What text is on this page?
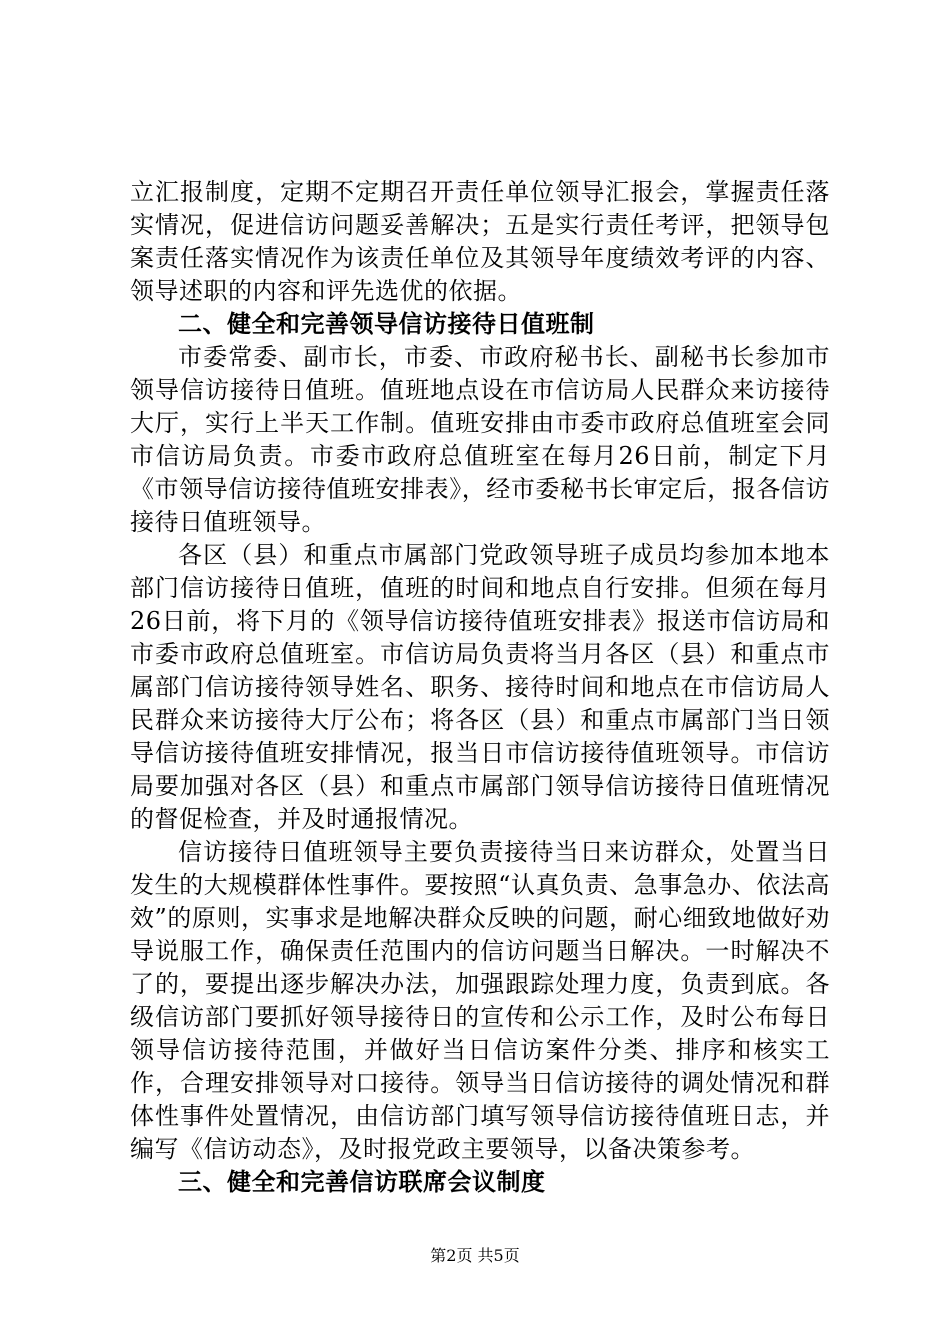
立汇报制度，定期不定期召开责任单位领导汇报会，掌握责任落实情况，促进信访问题妥善解决；五是实行责任考评，把领导包案责任落实情况作为该责任单位及其领导年度绩效考评的内容、领导述职的内容和评先选优的依据。

二、健全和完善领导信访接待日值班制

市委常委、副市长，市委、市政府秘书长、副秘书长参加市领导信访接待日值班。值班地点设在市信访局人民群众来访接待大厅，实行上半天工作制。值班安排由市委市政府总值班室会同市信访局负责。市委市政府总值班室在每月26日前，制定下月《市领导信访接待值班安排表》，经市委秘书长审定后，报各信访接待日值班领导。

各区（县）和重点市属部门党政领导班子成员均参加本地本部门信访接待日值班，值班的时间和地点自行安排。但须在每月26日前，将下月的《领导信访接待值班安排表》报送市信访局和市委市政府总值班室。市信访局负责将当月各区（县）和重点市属部门信访接待领导姓名、职务、接待时间和地点在市信访局人民群众来访接待大厅公布；将各区（县）和重点市属部门当日领导信访接待值班安排情况，报当日市信访接待值班领导。市信访局要加强对各区（县）和重点市属部门领导信访接待日值班情况的督促检查，并及时通报情况。

信访接待日值班领导主要负责接待当日来访群众，处置当日发生的大规模群体性事件。要按照“认真负责、急事急办、依法高效”的原则，实事求是地解决群众反映的问题，耐心细致地做好劝导说服工作，确保责任范围内的信访问题当日解决。一时解决不了的，要提出逐步解决办法，加强跟踪处理力度，负责到底。各级信访部门要抓好领导接待日的宣传和公示工作，及时公布每日领导信访接待范围，并做好当日信访案件分类、排序和核实工作，合理安排领导对口接待。领导当日信访接待的调处情况和群体性事件处置情况，由信访部门填写领导信访接待值班日志，并编写《信访动态》，及时报党政主要领导，以备决策参考。

三、健全和完善信访联席会议制度
第2页 共5页
